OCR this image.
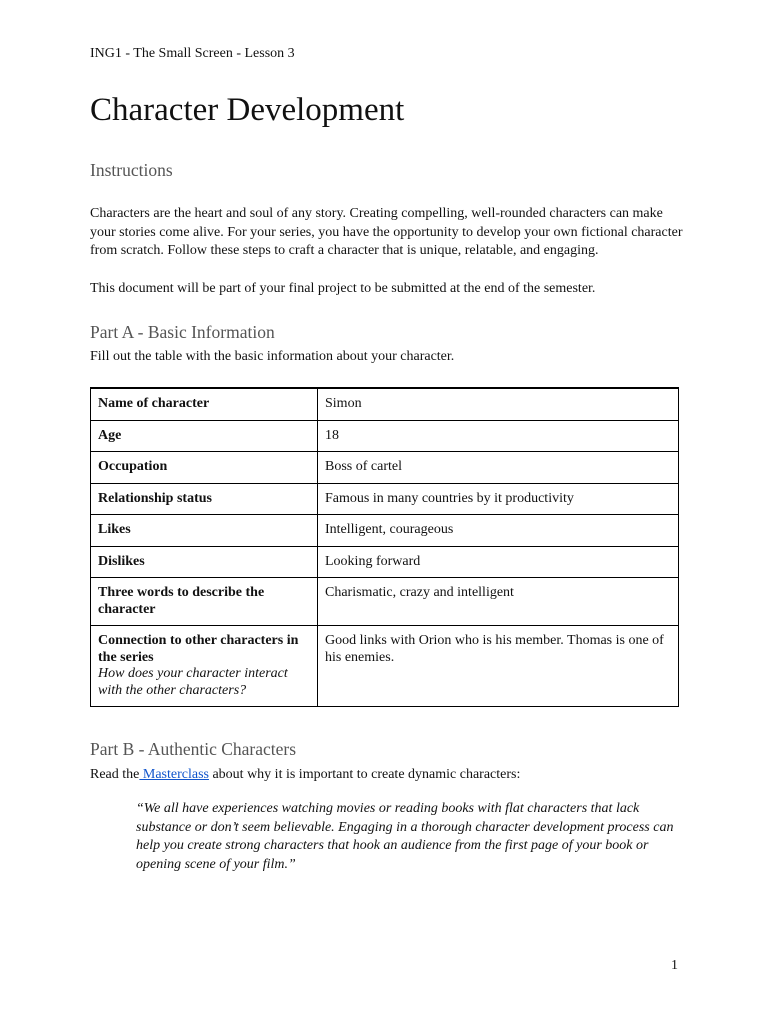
ING1 - The Small Screen - Lesson 3
Character Development
Instructions

Characters are the heart and soul of any story. Creating compelling, well-rounded characters can make your stories come alive. For your series, you have the opportunity to develop your own fictional character from scratch. Follow these steps to craft a character that is unique, relatable, and engaging.

This document will be part of your final project to be submitted at the end of the semester.

Part A - Basic Information

Fill out the table with the basic information about your character.

Name of character	Simon
Age	18
Occupation	Boss of cartel
Relationship status	Famous in many countries by it productivity
Likes	Intelligent, courageous
Dislikes	Looking forward
Three words to describe the character	Charismatic, crazy and intelligent
Connection to other characters in the series
How does your character interact with the other characters?	Good links with Orion who is his member. Thomas is one of his enemies.
Part B - Authentic Characters

Read the Masterclass about why it is important to create dynamic characters:

“We all have experiences watching movies or reading books with flat characters that lack substance or don’t seem believable. Engaging in a thorough character development process can help you create strong characters that hook an audience from the first page of your book or opening scene of your film.”

1
